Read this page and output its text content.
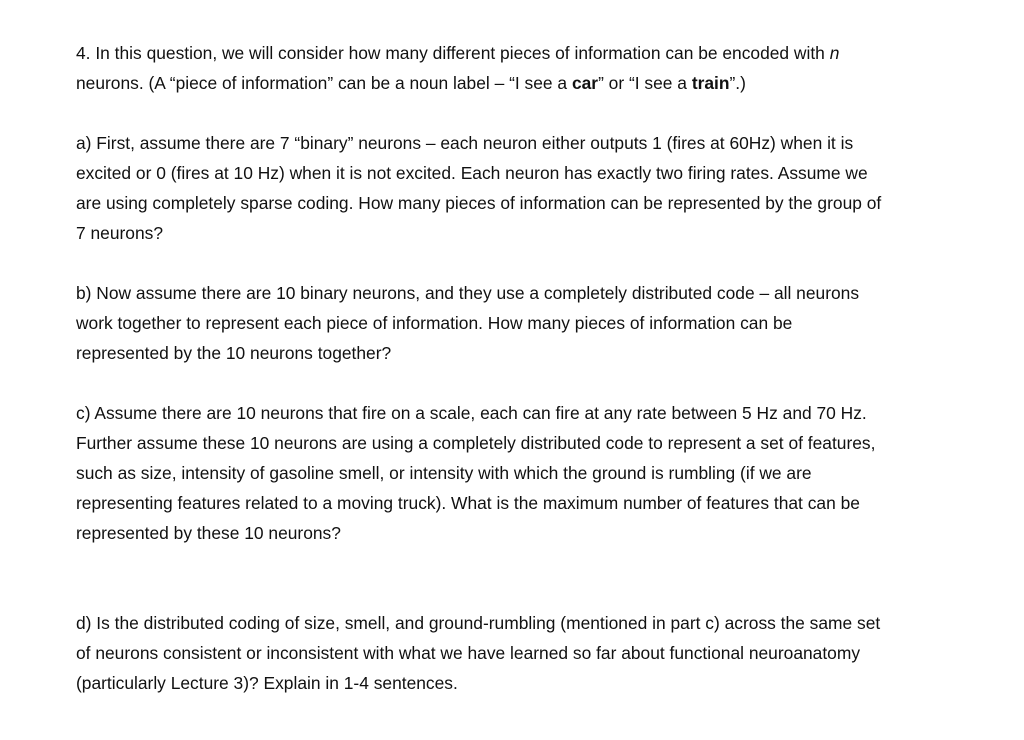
4. In this question, we will consider how many different pieces of information can be encoded with n
neurons. (A “piece of information” can be a noun label – “I see a car” or “I see a train”.)
a) First, assume there are 7 “binary” neurons – each neuron either outputs 1 (fires at 60Hz) when it is
excited or 0 (fires at 10 Hz) when it is not excited. Each neuron has exactly two firing rates. Assume we
are using completely sparse coding. How many pieces of information can be represented by the group of
7 neurons?
b) Now assume there are 10 binary neurons, and they use a completely distributed code – all neurons
work together to represent each piece of information. How many pieces of information can be
represented by the 10 neurons together?
c) Assume there are 10 neurons that fire on a scale, each can fire at any rate between 5 Hz and 70 Hz.
Further assume these 10 neurons are using a completely distributed code to represent a set of features,
such as size, intensity of gasoline smell, or intensity with which the ground is rumbling (if we are
representing features related to a moving truck). What is the maximum number of features that can be
represented by these 10 neurons?
d) Is the distributed coding of size, smell, and ground-rumbling (mentioned in part c) across the same set
of neurons consistent or inconsistent with what we have learned so far about functional neuroanatomy
(particularly Lecture 3)? Explain in 1-4 sentences.
